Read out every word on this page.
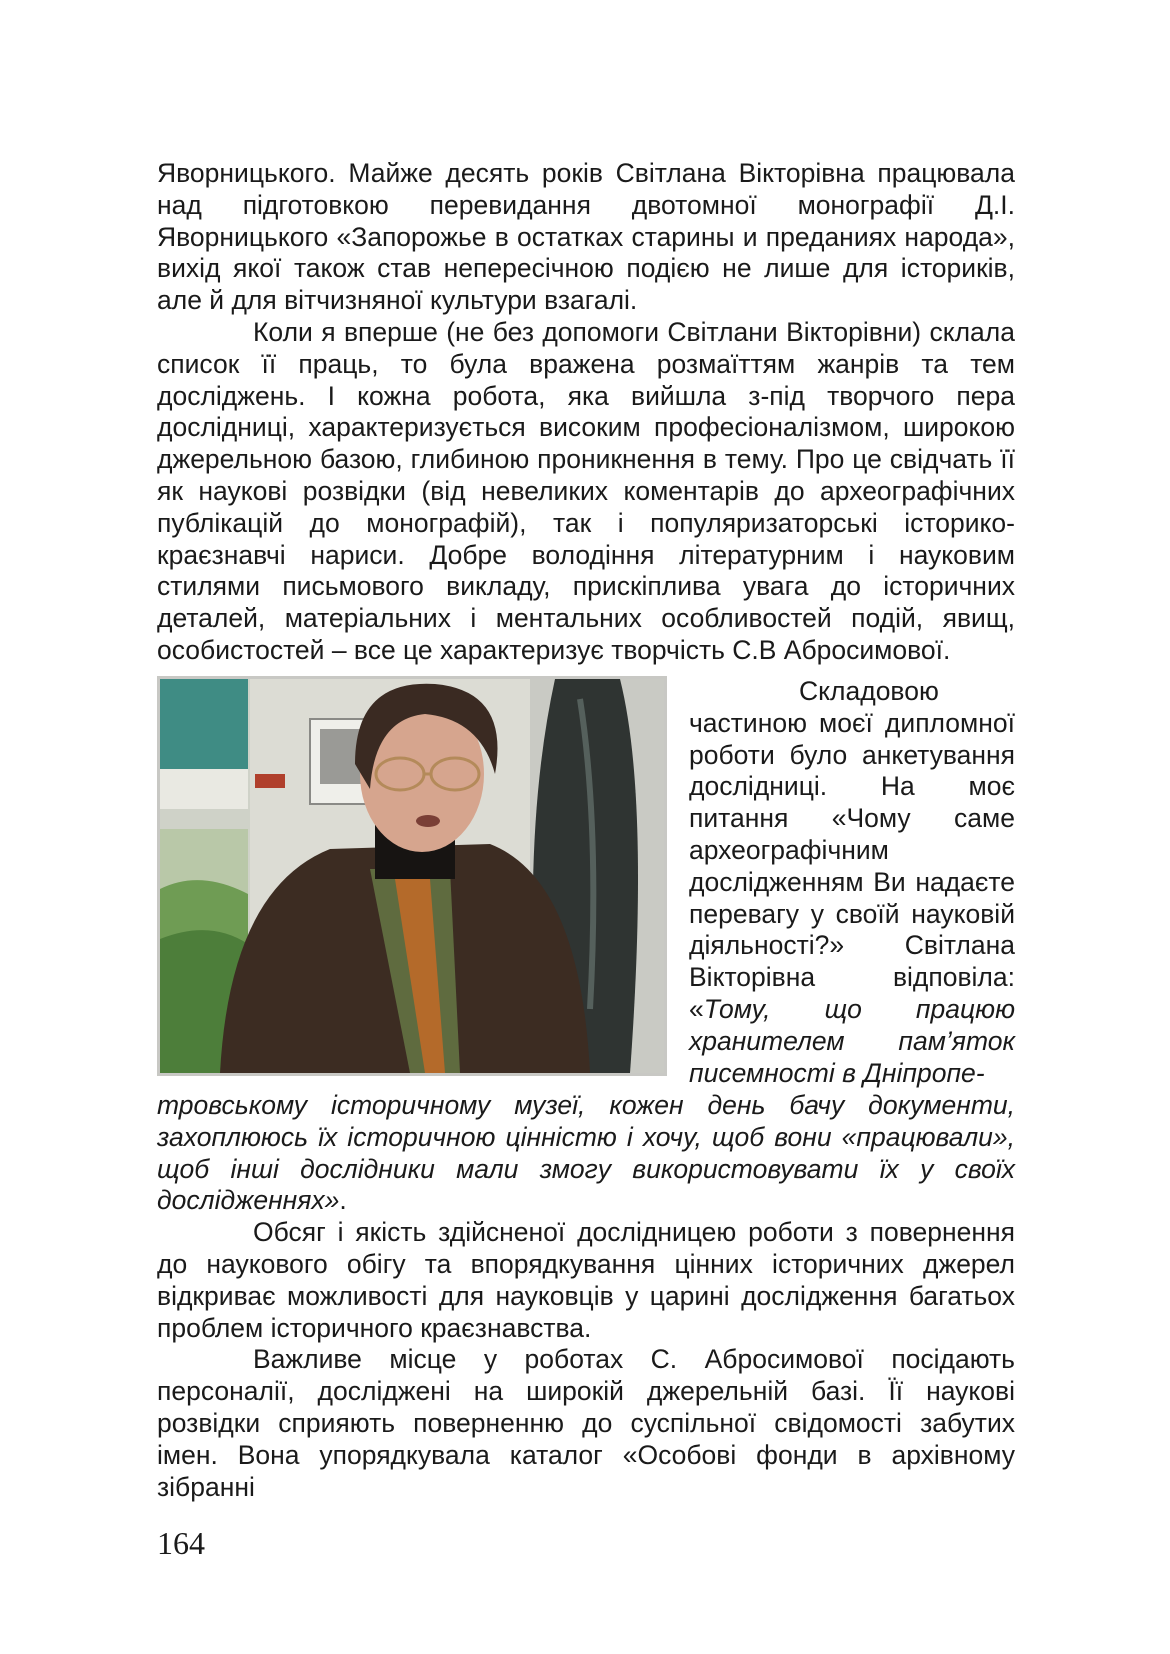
Яворницького. Майже десять років Світлана Вікторівна працювала над підготовкою перевидання двотомної монографії Д.І. Яворницького «Запорожье в остатках старины и преданиях народа», вихід якої також став непересічною подією не лише для істориків, але й для вітчизняної культури взагалі.

Коли я вперше (не без допомоги Світлани Вікторівни) склала список її праць, то була вражена розмаїттям жанрів та тем досліджень. І кожна робота, яка вийшла з-під творчого пера дослідниці, характеризується високим професіоналізмом, широкою джерельною базою, глибиною проникнення в тему. Про це свідчать її як наукові розвідки (від невеликих коментарів до археографічних публікацій до монографій), так і популяризаторські історико-краєзнавчі нариси. Добре володіння літературним і науковим стилями письмового викладу, прискіплива увага до історичних деталей, матеріальних і ментальних особливостей подій, явищ, особистостей – все це характеризує творчість С.В Абросимової.

Складовою частиною моєї дипломної роботи було анкетування дослідниці. На моє питання «Чому саме археографічним дослідженням Ви надаєте перевагу у своїй науковій діяльності?» Світлана Вікторівна відповіла: «Тому, що працюю хранителем пам’яток писемності в Дніпропе-

тровському історичному музеї, кожен день бачу документи, захоплююсь їх історичною цінністю і хочу, щоб вони «працювали», щоб інші дослідники мали змогу використовувати їх у своїх дослідженнях».

Обсяг і якість здійсненої дослідницею роботи з повернення до наукового обігу та впорядкування цінних історичних джерел відкриває можливості для науковців у царині дослідження багатьох проблем історичного краєзнавства.

Важливе місце у роботах С. Абросимової посідають персоналії, досліджені на широкій джерельній базі. Її наукові розвідки сприяють поверненню до суспільної свідомості забутих імен. Вона упорядкувала каталог «Особові фонди в архівному зібранні

164
